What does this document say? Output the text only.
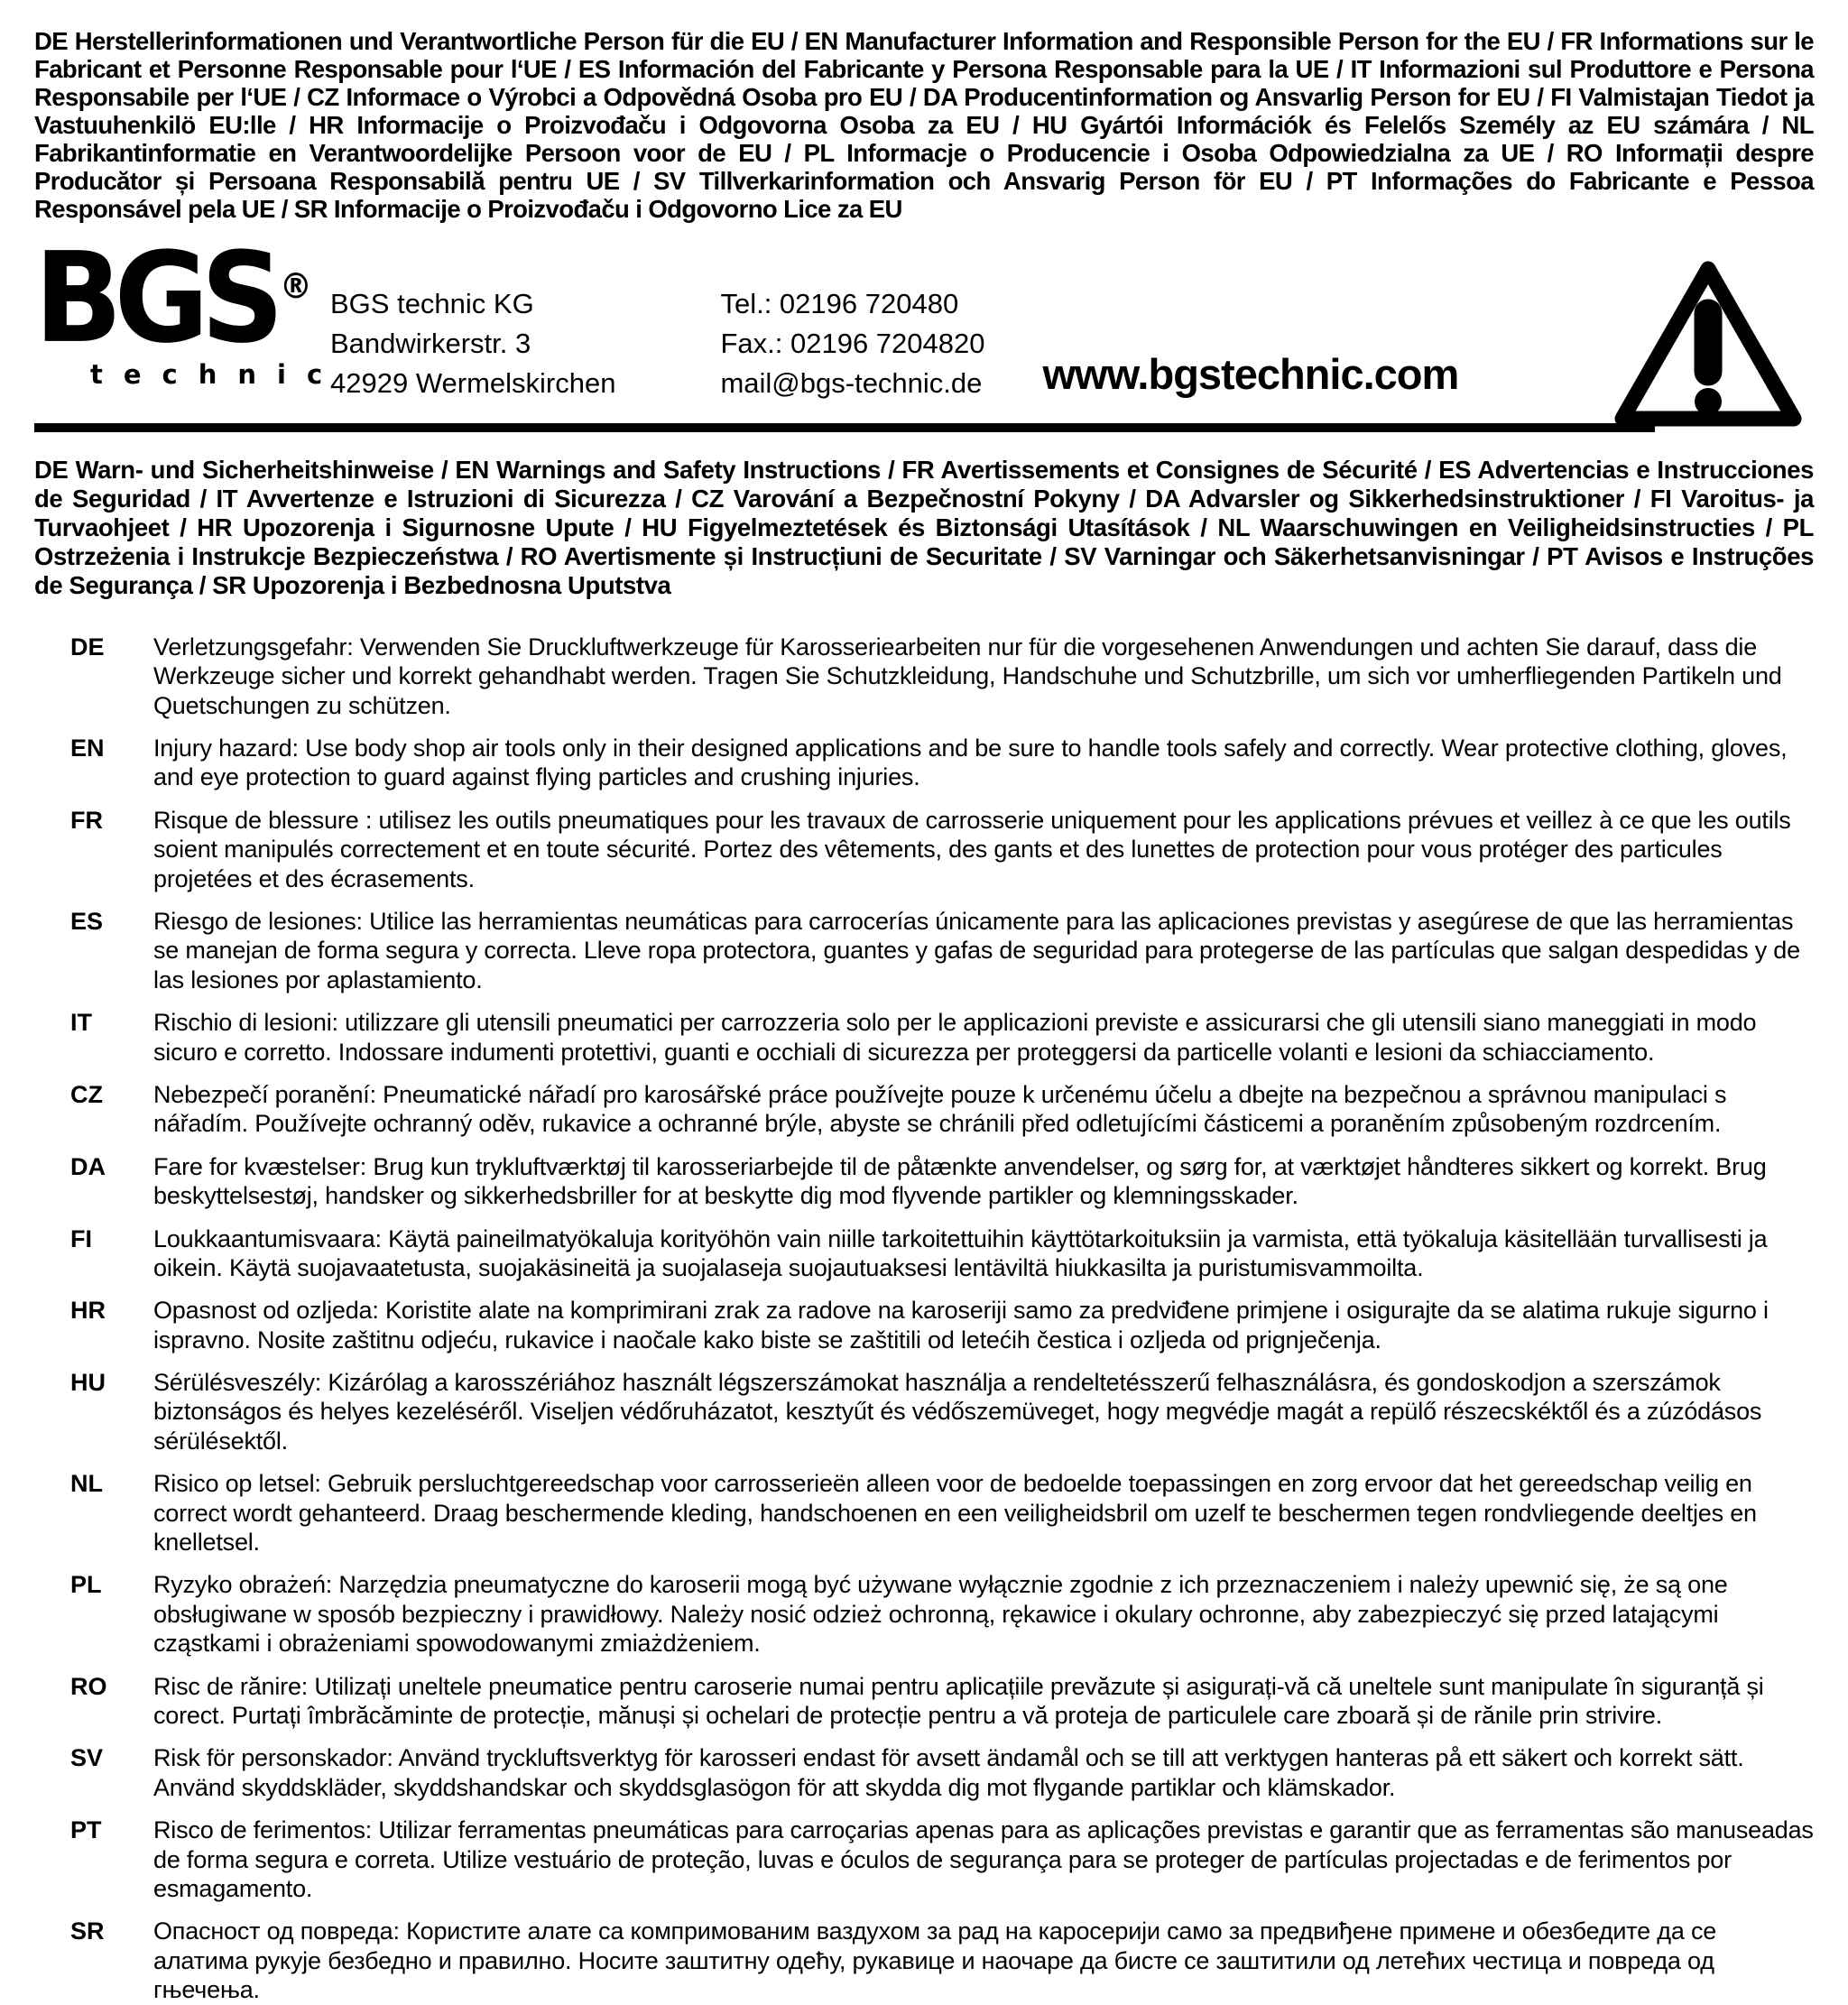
DE Herstellerinformationen und Verantwortliche Person für die EU / EN Manufacturer Information and Responsible Person for the EU / FR Informations sur le Fabricant et Personne Responsable pour l‘UE / ES Información del Fabricante y Persona Responsable para la UE / IT Informazioni sul Produttore e Persona Responsabile per l‘UE / CZ Informace o Výrobci a Odpovědná Osoba pro EU / DA Producentinformation og Ansvarlig Person for EU / FI Valmistajan Tiedot ja Vastuuhenkilö EU:lle / HR Informacije o Proizvođaču i Odgovorna Osoba za EU / HU Gyártói Információk és Felelős Személy az EU számára / NL Fabrikantinformatie en Verantwoordelijke Persoon voor de EU / PL Informacje o Producencie i Osoba Odpowiedzialna za UE / RO Informații despre Producător și Persoana Responsabilă pentru UE / SV Tillverkarinformation och Ansvarig Person för EU / PT Informações do Fabricante e Pessoa Responsável pela UE / SR Informacije o Proizvođaču i Odgovorno Lice za EU
BGS ®
technic
BGS technic KG
Bandwirkerstr. 3
42929 Wermelskirchen
Tel.: 02196 720480
Fax.: 02196 7204820
mail@bgs-technic.de www.bgstechnic.com
DE Warn- und Sicherheitshinweise / EN Warnings and Safety Instructions / FR Avertissements et Consignes de Sécurité / ES Advertencias e Instrucciones de Seguridad / IT Avvertenze e Istruzioni di Sicurezza / CZ Varování a Bezpečnostní Pokyny / DA Advarsler og Sikkerhedsinstruktioner / FI Varoitus- ja Turvaohjeet / HR Upozorenja i Sigurnosne Upute / HU Figyelmeztetések és Biztonsági Utasítások / NL Waarschuwingen en Veiligheidsinstructies / PL Ostrzeżenia i Instrukcje Bezpieczeństwa / RO Avertismente și Instrucțiuni de Securitate / SV Varningar och Säkerhetsanvisningar / PT Avisos e Instruções de Segurança / SR Upozorenja i Bezbednosna Uputstva
DE	Verletzungsgefahr: Verwenden Sie Druckluftwerkzeuge für Karosseriearbeiten nur für die vorgesehenen Anwendungen und achten Sie darauf, dass die Werkzeuge sicher und korrekt gehandhabt werden. Tragen Sie Schutzkleidung, Handschuhe und Schutzbrille, um sich vor umherfliegenden Partikeln und Quetschungen zu schützen.
EN	Injury hazard: Use body shop air tools only in their designed applications and be sure to handle tools safely and correctly. Wear protective clothing, gloves, and eye protection to guard against flying particles and crushing injuries.
FR	Risque de blessure : utilisez les outils pneumatiques pour les travaux de carrosserie uniquement pour les applications prévues et veillez à ce que les outils soient manipulés correctement et en toute sécurité. Portez des vêtements, des gants et des lunettes de protection pour vous protéger des particules projetées et des écrasements.
ES	Riesgo de lesiones: Utilice las herramientas neumáticas para carrocerías únicamente para las aplicaciones previstas y asegúrese de que las herramientas se manejan de forma segura y correcta. Lleve ropa protectora, guantes y gafas de seguridad para protegerse de las partículas que salgan despedidas y de las lesiones por aplastamiento.
IT	Rischio di lesioni: utilizzare gli utensili pneumatici per carrozzeria solo per le applicazioni previste e assicurarsi che gli utensili siano maneggiati in modo sicuro e corretto. Indossare indumenti protettivi, guanti e occhiali di sicurezza per proteggersi da particelle volanti e lesioni da schiacciamento.
CZ	Nebezpečí poranění: Pneumatické nářadí pro karosářské práce používejte pouze k určenému účelu a dbejte na bezpečnou a správnou manipulaci s nářadím. Používejte ochranný oděv, rukavice a ochranné brýle, abyste se chránili před odletujícími částicemi a poraněním způsobeným rozdrcením.
DA	Fare for kvæstelser: Brug kun trykluftværktøj til karosseriarbejde til de påtænkte anvendelser, og sørg for, at værktøjet håndteres sikkert og korrekt. Brug beskyttelsestøj, handsker og sikkerhedsbriller for at beskytte dig mod flyvende partikler og klemningsskader.
FI	Loukkaantumisvaara: Käytä paineilmatyökaluja korityöhön vain niille tarkoitettuihin käyttötarkoituksiin ja varmista, että työkaluja käsitellään turvallisesti ja oikein. Käytä suojavaatetusta, suojakäsineitä ja suojalaseja suojautuaksesi lentäviltä hiukkasilta ja puristumisvammoilta.
HR	Opasnost od ozljeda: Koristite alate na komprimirani zrak za radove na karoseriji samo za predviđene primjene i osigurajte da se alatima rukuje sigurno i ispravno. Nosite zaštitnu odjeću, rukavice i naočale kako biste se zaštitili od letećih čestica i ozljeda od prignječenja.
HU	Sérülésveszély: Kizárólag a karosszériához használt légszerszámokat használja a rendeltetésszerű felhasználásra, és gondoskodjon a szerszámok biztonságos és helyes kezeléséről. Viseljen védőruházatot, kesztyűt és védőszemüveget, hogy megvédje magát a repülő részecskéktől és a zúzódásos sérülésektől.
NL	Risico op letsel: Gebruik persluchtgereedschap voor carrosserieën alleen voor de bedoelde toepassingen en zorg ervoor dat het gereedschap veilig en correct wordt gehanteerd. Draag beschermende kleding, handschoenen en een veiligheidsbril om uzelf te beschermen tegen rondvliegende deeltjes en knelletsel.
PL	Ryzyko obrażeń: Narzędzia pneumatyczne do karoserii mogą być używane wyłącznie zgodnie z ich przeznaczeniem i należy upewnić się, że są one obsługiwane w sposób bezpieczny i prawidłowy. Należy nosić odzież ochronną, rękawice i okulary ochronne, aby zabezpieczyć się przed latającymi cząstkami i obrażeniami spowodowanymi zmiażdżeniem.
RO	Risc de rănire: Utilizați uneltele pneumatice pentru caroserie numai pentru aplicațiile prevăzute și asigurați-vă că uneltele sunt manipulate în siguranță și corect. Purtați îmbrăcăminte de protecție, mănuși și ochelari de protecție pentru a vă proteja de particulele care zboară și de rănile prin strivire.
SV	Risk för personskador: Använd tryckluftsverktyg för karosseri endast för avsett ändamål och se till att verktygen hanteras på ett säkert och korrekt sätt. Använd skyddskläder, skyddshandskar och skyddsglasögon för att skydda dig mot flygande partiklar och klämskador.
PT	Risco de ferimentos: Utilizar ferramentas pneumáticas para carroçarias apenas para as aplicações previstas e garantir que as ferramentas são manuseadas de forma segura e correta. Utilize vestuário de proteção, luvas e óculos de segurança para se proteger de partículas projectadas e de ferimentos por esmagamento.
SR	Опасност од повреда: Користите алате са компримованим ваздухом за рад на каросерији само за предвиђене примене и обезбедите да се алатима рукује безбедно и правилно. Носите заштитну одећу, рукавице и наочаре да бисте се заштитили од летећих честица и повреда од гњечења.
